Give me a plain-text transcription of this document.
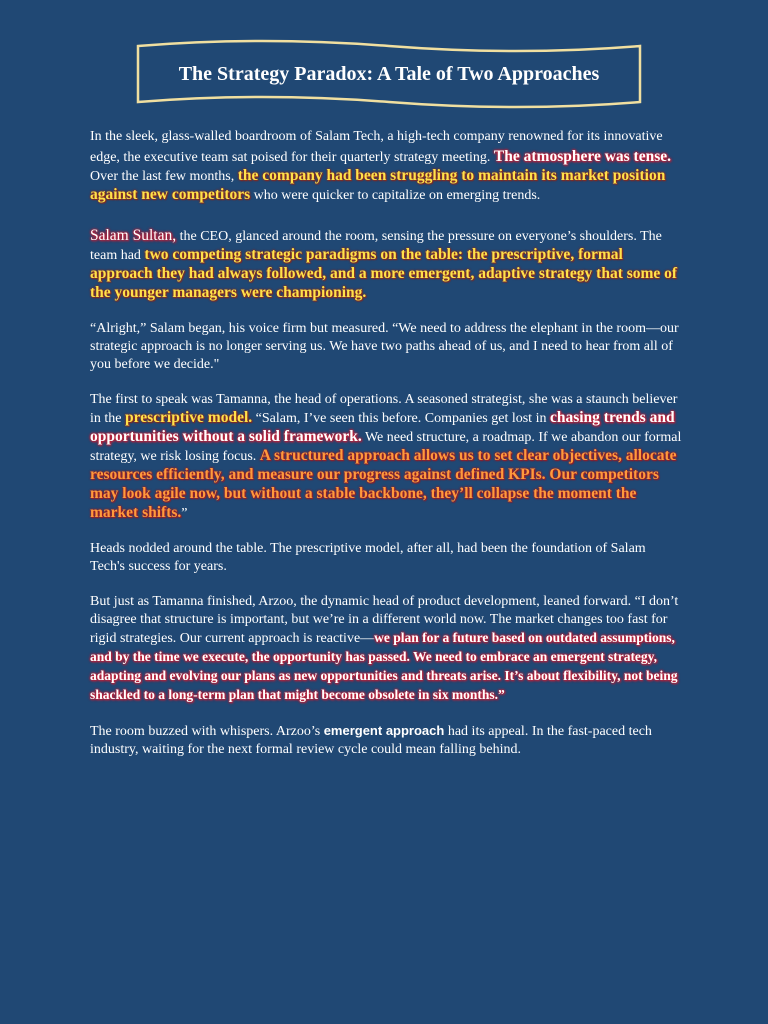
The Strategy Paradox: A Tale of Two Approaches

In the sleek, glass-walled boardroom of Salam Tech, a high-tech company renowned for its innovative edge, the executive team sat poised for their quarterly strategy meeting. The atmosphere was tense. Over the last few months, the company had been struggling to maintain its market position against new competitors who were quicker to capitalize on emerging trends.

Salam Sultan, the CEO, glanced around the room, sensing the pressure on everyone’s shoulders. The team had two competing strategic paradigms on the table: the prescriptive, formal approach they had always followed, and a more emergent, adaptive strategy that some of the younger managers were championing.

“Alright,” Salam began, his voice firm but measured. “We need to address the elephant in the room—our strategic approach is no longer serving us. We have two paths ahead of us, and I need to hear from all of you before we decide."

The first to speak was Tamanna, the head of operations. A seasoned strategist, she was a staunch believer in the prescriptive model. “Salam, I’ve seen this before. Companies get lost in chasing trends and opportunities without a solid framework. We need structure, a roadmap. If we abandon our formal strategy, we risk losing focus. A structured approach allows us to set clear objectives, allocate resources efficiently, and measure our progress against defined KPIs. Our competitors may look agile now, but without a stable backbone, they’ll collapse the moment the market shifts.”

Heads nodded around the table. The prescriptive model, after all, had been the foundation of Salam Tech's success for years.

But just as Tamanna finished, Arzoo, the dynamic head of product development, leaned forward. “I don’t disagree that structure is important, but we’re in a different world now. The market changes too fast for rigid strategies. Our current approach is reactive—we plan for a future based on outdated assumptions, and by the time we execute, the opportunity has passed. We need to embrace an emergent strategy, adapting and evolving our plans as new opportunities and threats arise. It’s about flexibility, not being shackled to a long-term plan that might become obsolete in six months.”

The room buzzed with whispers. Arzoo’s emergent approach had its appeal. In the fast-paced tech industry, waiting for the next formal review cycle could mean falling behind.
